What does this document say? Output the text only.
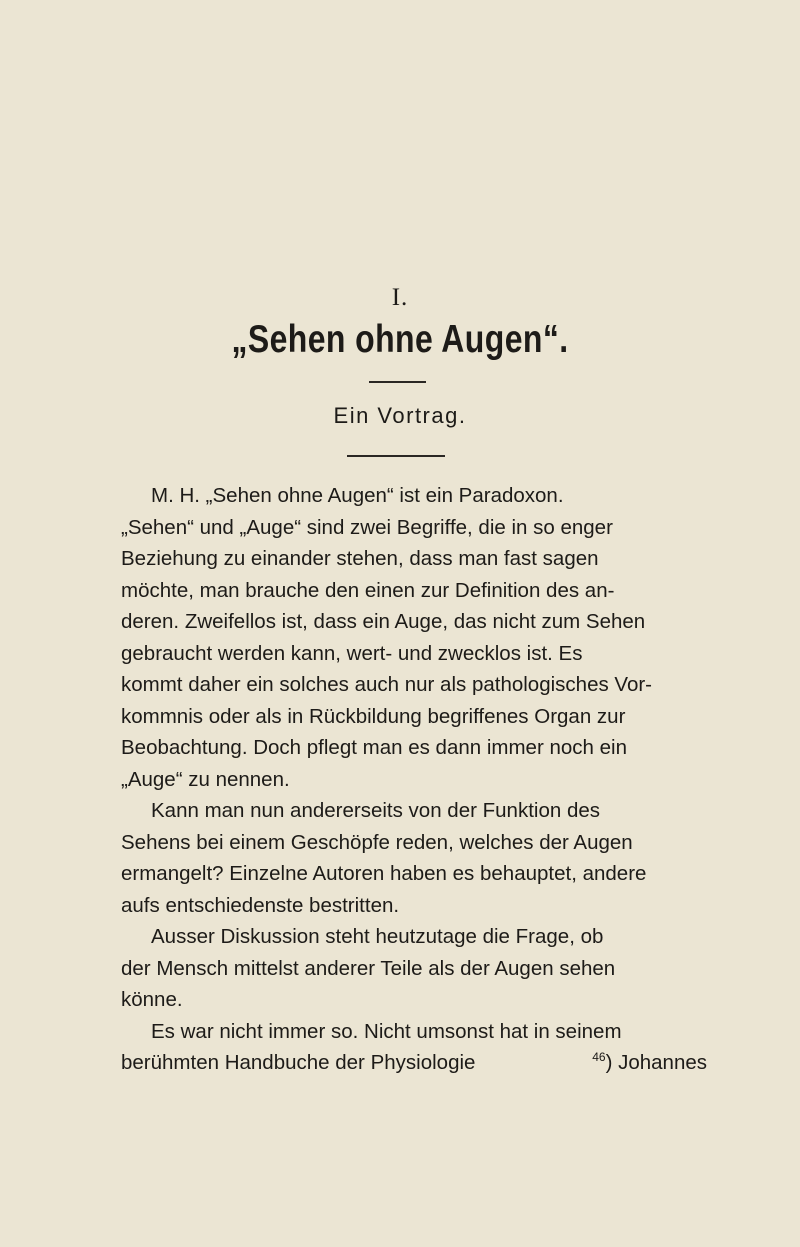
I.
„Sehen ohne Augen“.
Ein Vortrag.
M. H. „Sehen ohne Augen“ ist ein Paradoxon.
„Sehen“ und „Auge“ sind zwei Begriffe, die in so enger
Beziehung zu einander stehen, dass man fast sagen
möchte, man brauche den einen zur Definition des an-
deren. Zweifellos ist, dass ein Auge, das nicht zum Sehen
gebraucht werden kann, wert- und zwecklos ist. Es
kommt daher ein solches auch nur als pathologisches Vor-
kommnis oder als in Rückbildung begriffenes Organ zur
Beobachtung. Doch pflegt man es dann immer noch ein
„Auge“ zu nennen.
Kann man nun andererseits von der Funktion des
Sehens bei einem Geschöpfe reden, welches der Augen
ermangelt? Einzelne Autoren haben es behauptet, andere
aufs entschiedenste bestritten.
Ausser Diskussion steht heutzutage die Frage, ob
der Mensch mittelst anderer Teile als der Augen sehen
könne.
Es war nicht immer so. Nicht umsonst hat in seinem
berühmten Handbuche der Physiologie	$^{46}$) Johannes
